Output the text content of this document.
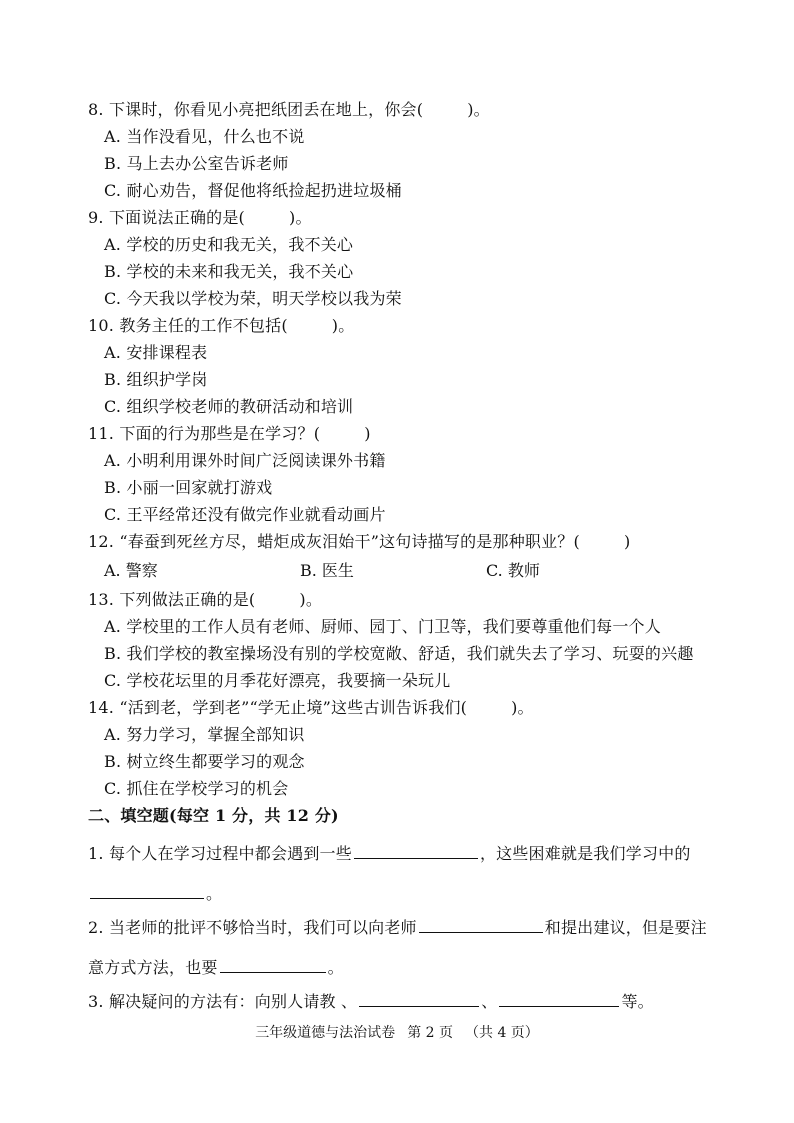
8. 下课时，你看见小亮把纸团丢在地上，你会(	)。
A. 当作没看见，什么也不说
B. 马上去办公室告诉老师
C. 耐心劝告，督促他将纸捡起扔进垃圾桶
9. 下面说法正确的是(	)。
A. 学校的历史和我无关，我不关心
B. 学校的未来和我无关，我不关心
C. 今天我以学校为荣，明天学校以我为荣
10. 教务主任的工作不包括(	)。
A. 安排课程表
B. 组织护学岗
C. 组织学校老师的教研活动和培训
11. 下面的行为那些是在学习？(	)
A. 小明利用课外时间广泛阅读课外书籍
B. 小丽一回家就打游戏
C. 王平经常还没有做完作业就看动画片
12. “春蚕到死丝方尽，蜡炬成灰泪始干”这句诗描写的是那种职业？(	)
A. 警察	B. 医生	C. 教师
13. 下列做法正确的是(	)。
A. 学校里的工作人员有老师、厨师、园丁、门卫等，我们要尊重他们每一个人
B. 我们学校的教室操场没有别的学校宽敞、舒适，我们就失去了学习、玩耍的兴趣
C. 学校花坛里的月季花好漂亮，我要摘一朵玩儿
14. “活到老，学到老”“学无止境”这些古训告诉我们(	)。
A. 努力学习，掌握全部知识
B. 树立终生都要学习的观念
C. 抓住在学校学习的机会
二、填空题(每空 1 分，共 12 分)
1. 每个人在学习过程中都会遇到一些	，这些困难就是我们学习中的
。
2. 当老师的批评不够恰当时，我们可以向老师	和提出建议，但是要注
意方式方法，也要	。
3. 解决疑问的方法有：向别人请教 、	、	等。
三年级道德与法治试卷 第 2 页 （共 4 页）
